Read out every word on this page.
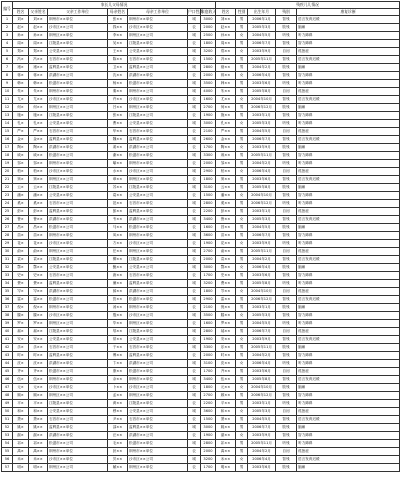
编号	家长儿父母情况							残疾儿儿情况				
	姓名	父亲姓名	父亲工作单位	母亲姓名	母亲工作单位	户口性质	家庭收入	姓名	性别	出生年月	残别	康复诊断
1	刘×	刘××	荆州市××单位	张××	荆州市××单位	城	3000	刘××	男	2006年1月	智残	语言发育迟缓
2	赵×	赵××	沙市区××公司	钱××	沙市区××单位	农	2000	赵××	男	2005年3月	肢残	脑瘫
3	孙×	孙××	荆州区××单位	李××	荆州区××公司	城	2500	孙××	女	2004年5月	听残	听力障碍
4	周×	周××	江陵县××单位	吴××	江陵县××单位	农	1800	周××	男	2006年7月	智残	智力障碍
5	郑×	郑××	公安县××公司	王××	公安县××单位	城	3200	郑××	女	2003年9月	自闭	孤独症
6	冯×	冯××	石首市××单位	陈××	石首市××单位	农	1500	冯××	男	2005年11月	智残	语言发育迟缓
7	褚×	褚××	监利县××单位	卫××	监利县××公司	城	2800	褚××	男	2004年2月	肢残	脑瘫
8	蒋×	蒋××	洪湖市××公司	沈××	洪湖市××单位	农	2000	蒋××	女	2006年4月	智残	智力障碍
9	韩×	韩××	松滋市××单位	杨××	松滋市××单位	城	3500	韩××	男	2003年6月	听残	听力障碍
10	朱×	朱××	荆州市××单位	秦××	荆州市××公司	城	4000	朱××	男	2005年8月	自闭	孤独症
11	尤×	尤××	沙市区××单位	许××	沙市区××单位	农	1600	尤××	女	2004年10月	智残	语言发育迟缓
12	何×	何××	荆州区××公司	吕××	荆州区××单位	城	2700	何××	男	2006年12月	肢残	脑瘫
13	施×	施××	江陵县××单位	张××	江陵县××公司	农	1900	施××	男	2003年1月	智残	智力障碍
14	孔×	孔××	公安县××单位	曹××	公安县××单位	城	3000	孔××	女	2005年3月	听残	听力障碍
15	严×	严××	石首市××公司	华××	石首市××单位	农	2100	严××	男	2004年5月	自闭	孤独症
16	金×	金××	监利县××单位	魏××	监利县××单位	城	2600	金××	男	2006年7月	智残	语言发育迟缓
17	陶×	陶××	洪湖市××单位	姜××	洪湖市××公司	农	1700	陶××	女	2003年9月	肢残	脑瘫
18	戚×	戚××	松滋市××公司	谢××	松滋市××单位	城	3300	戚××	男	2005年11月	智残	智力障碍
19	邹×	邹××	荆州市××单位	喻××	荆州市××单位	农	2000	邹××	男	2004年2月	听残	听力障碍
20	柏×	柏××	沙市区××单位	水××	沙市区××公司	城	2900	柏××	女	2006年4月	自闭	孤独症
21	窦×	窦××	荆州区××公司	章××	荆州区××单位	农	1800	窦××	男	2003年6月	智残	语言发育迟缓
22	云×	云××	江陵县××单位	苏××	江陵县××单位	城	3100	云××	男	2005年8月	肢残	脑瘫
23	潘×	潘××	公安县××单位	葛××	公安县××公司	农	1500	潘××	女	2004年10月	智残	智力障碍
24	奚×	奚××	石首市××公司	范××	石首市××单位	城	2800	奚××	男	2006年12月	听残	听力障碍
25	彭×	彭××	监利县××单位	郎××	监利县××单位	农	2200	彭××	男	2003年1月	自闭	孤独症
26	鲁×	鲁××	洪湖市××单位	韦××	洪湖市××公司	城	3400	鲁××	女	2005年3月	智残	语言发育迟缓
27	昌×	昌××	松滋市××公司	马××	松滋市××单位	农	1600	昌××	男	2004年5月	肢残	脑瘫
28	苗×	苗××	荆州市××单位	凤××	荆州市××单位	城	3600	苗××	男	2006年7月	智残	智力障碍
29	花×	花××	沙市区××单位	方××	沙市区××公司	农	1900	花××	女	2003年9月	听残	听力障碍
30	俞×	俞××	荆州区××公司	任××	荆州区××单位	城	2700	俞××	男	2005年11月	自闭	孤独症
31	袁×	袁××	江陵县××单位	柳××	江陵县××单位	农	2000	袁××	男	2004年2月	智残	语言发育迟缓
32	酆×	酆××	公安县××单位	鲍××	公安县××公司	城	3000	酆××	女	2006年4月	肢残	脑瘫
33	史×	史××	石首市××公司	唐××	石首市××单位	农	1700	史××	男	2003年6月	智残	智力障碍
34	费×	费××	监利县××单位	廉××	监利县××单位	城	3200	费××	男	2005年8月	听残	听力障碍
35	岑×	岑××	洪湖市××单位	薛××	洪湖市××公司	农	1800	岑××	女	2004年10月	自闭	孤独症
36	雷×	雷××	松滋市××公司	贺××	松滋市××单位	城	2900	雷××	男	2006年12月	智残	语言发育迟缓
37	倪×	倪××	荆州市××单位	汤××	荆州市××单位	农	2100	倪××	男	2003年1月	肢残	脑瘫
38	滕×	滕××	沙市区××单位	殷××	沙市区××公司	城	3500	滕××	女	2005年3月	智残	智力障碍
39	罗×	罗××	荆州区××公司	毕××	荆州区××单位	农	1600	罗××	男	2004年5月	听残	听力障碍
40	郝×	郝××	江陵县××单位	邬××	江陵县××单位	城	2800	郝××	男	2006年7月	自闭	孤独症
41	安×	安××	公安县××单位	常××	公安县××公司	农	1900	安××	女	2003年9月	智残	语言发育迟缓
42	乐×	乐××	石首市××公司	于××	石首市××单位	城	3300	乐××	男	2005年11月	肢残	脑瘫
43	时×	时××	监利县××单位	傅××	监利县××单位	农	2000	时××	男	2004年2月	智残	智力障碍
44	皮×	皮××	洪湖市××单位	卞××	洪湖市××公司	城	3100	皮××	女	2006年4月	听残	听力障碍
45	齐×	齐××	松滋市××公司	康××	松滋市××单位	农	1700	齐××	男	2003年6月	自闭	孤独症
46	伍×	伍××	荆州市××单位	余××	荆州市××单位	城	3400	伍××	男	2005年8月	智残	语言发育迟缓
47	元×	元××	沙市区××单位	卜××	沙市区××公司	农	1800	元××	女	2004年10月	肢残	脑瘫
48	顾×	顾××	荆州区××公司	孟××	荆州区××单位	城	2700	顾××	男	2006年12月	智残	智力障碍
49	平×	平××	江陵县××单位	黄××	江陵县××单位	农	2200	平××	男	2003年1月	听残	听力障碍
50	和×	和××	公安县××单位	穆××	公安县××公司	城	3600	和××	女	2005年3月	自闭	孤独症
51	萧×	萧××	石首市××公司	尹××	石首市××单位	农	1500	萧××	男	2004年5月	智残	语言发育迟缓
52	姚×	姚××	监利县××单位	邵××	监利县××单位	城	3000	姚××	男	2006年7月	肢残	脑瘫
53	湛×	湛××	洪湖市××单位	汪××	洪湖市××公司	农	1900	湛××	女	2003年9月	智残	智力障碍
54	祁×	祁××	松滋市××公司	毛××	松滋市××单位	城	2800	祁××	男	2005年11月	听残	听力障碍
55	禹×	禹××	荆州市××单位	狄××	荆州市××单位	农	2000	禹××	男	2004年2月	自闭	孤独症
56	米×	米××	沙市区××单位	贝××	沙市区××公司	城	3200	米××	女	2006年4月	智残	语言发育迟缓
57	明×	明××	荆州区××公司	臧××	荆州区××单位	农	1700	明××	男	2003年6月	肢残	脑瘫
